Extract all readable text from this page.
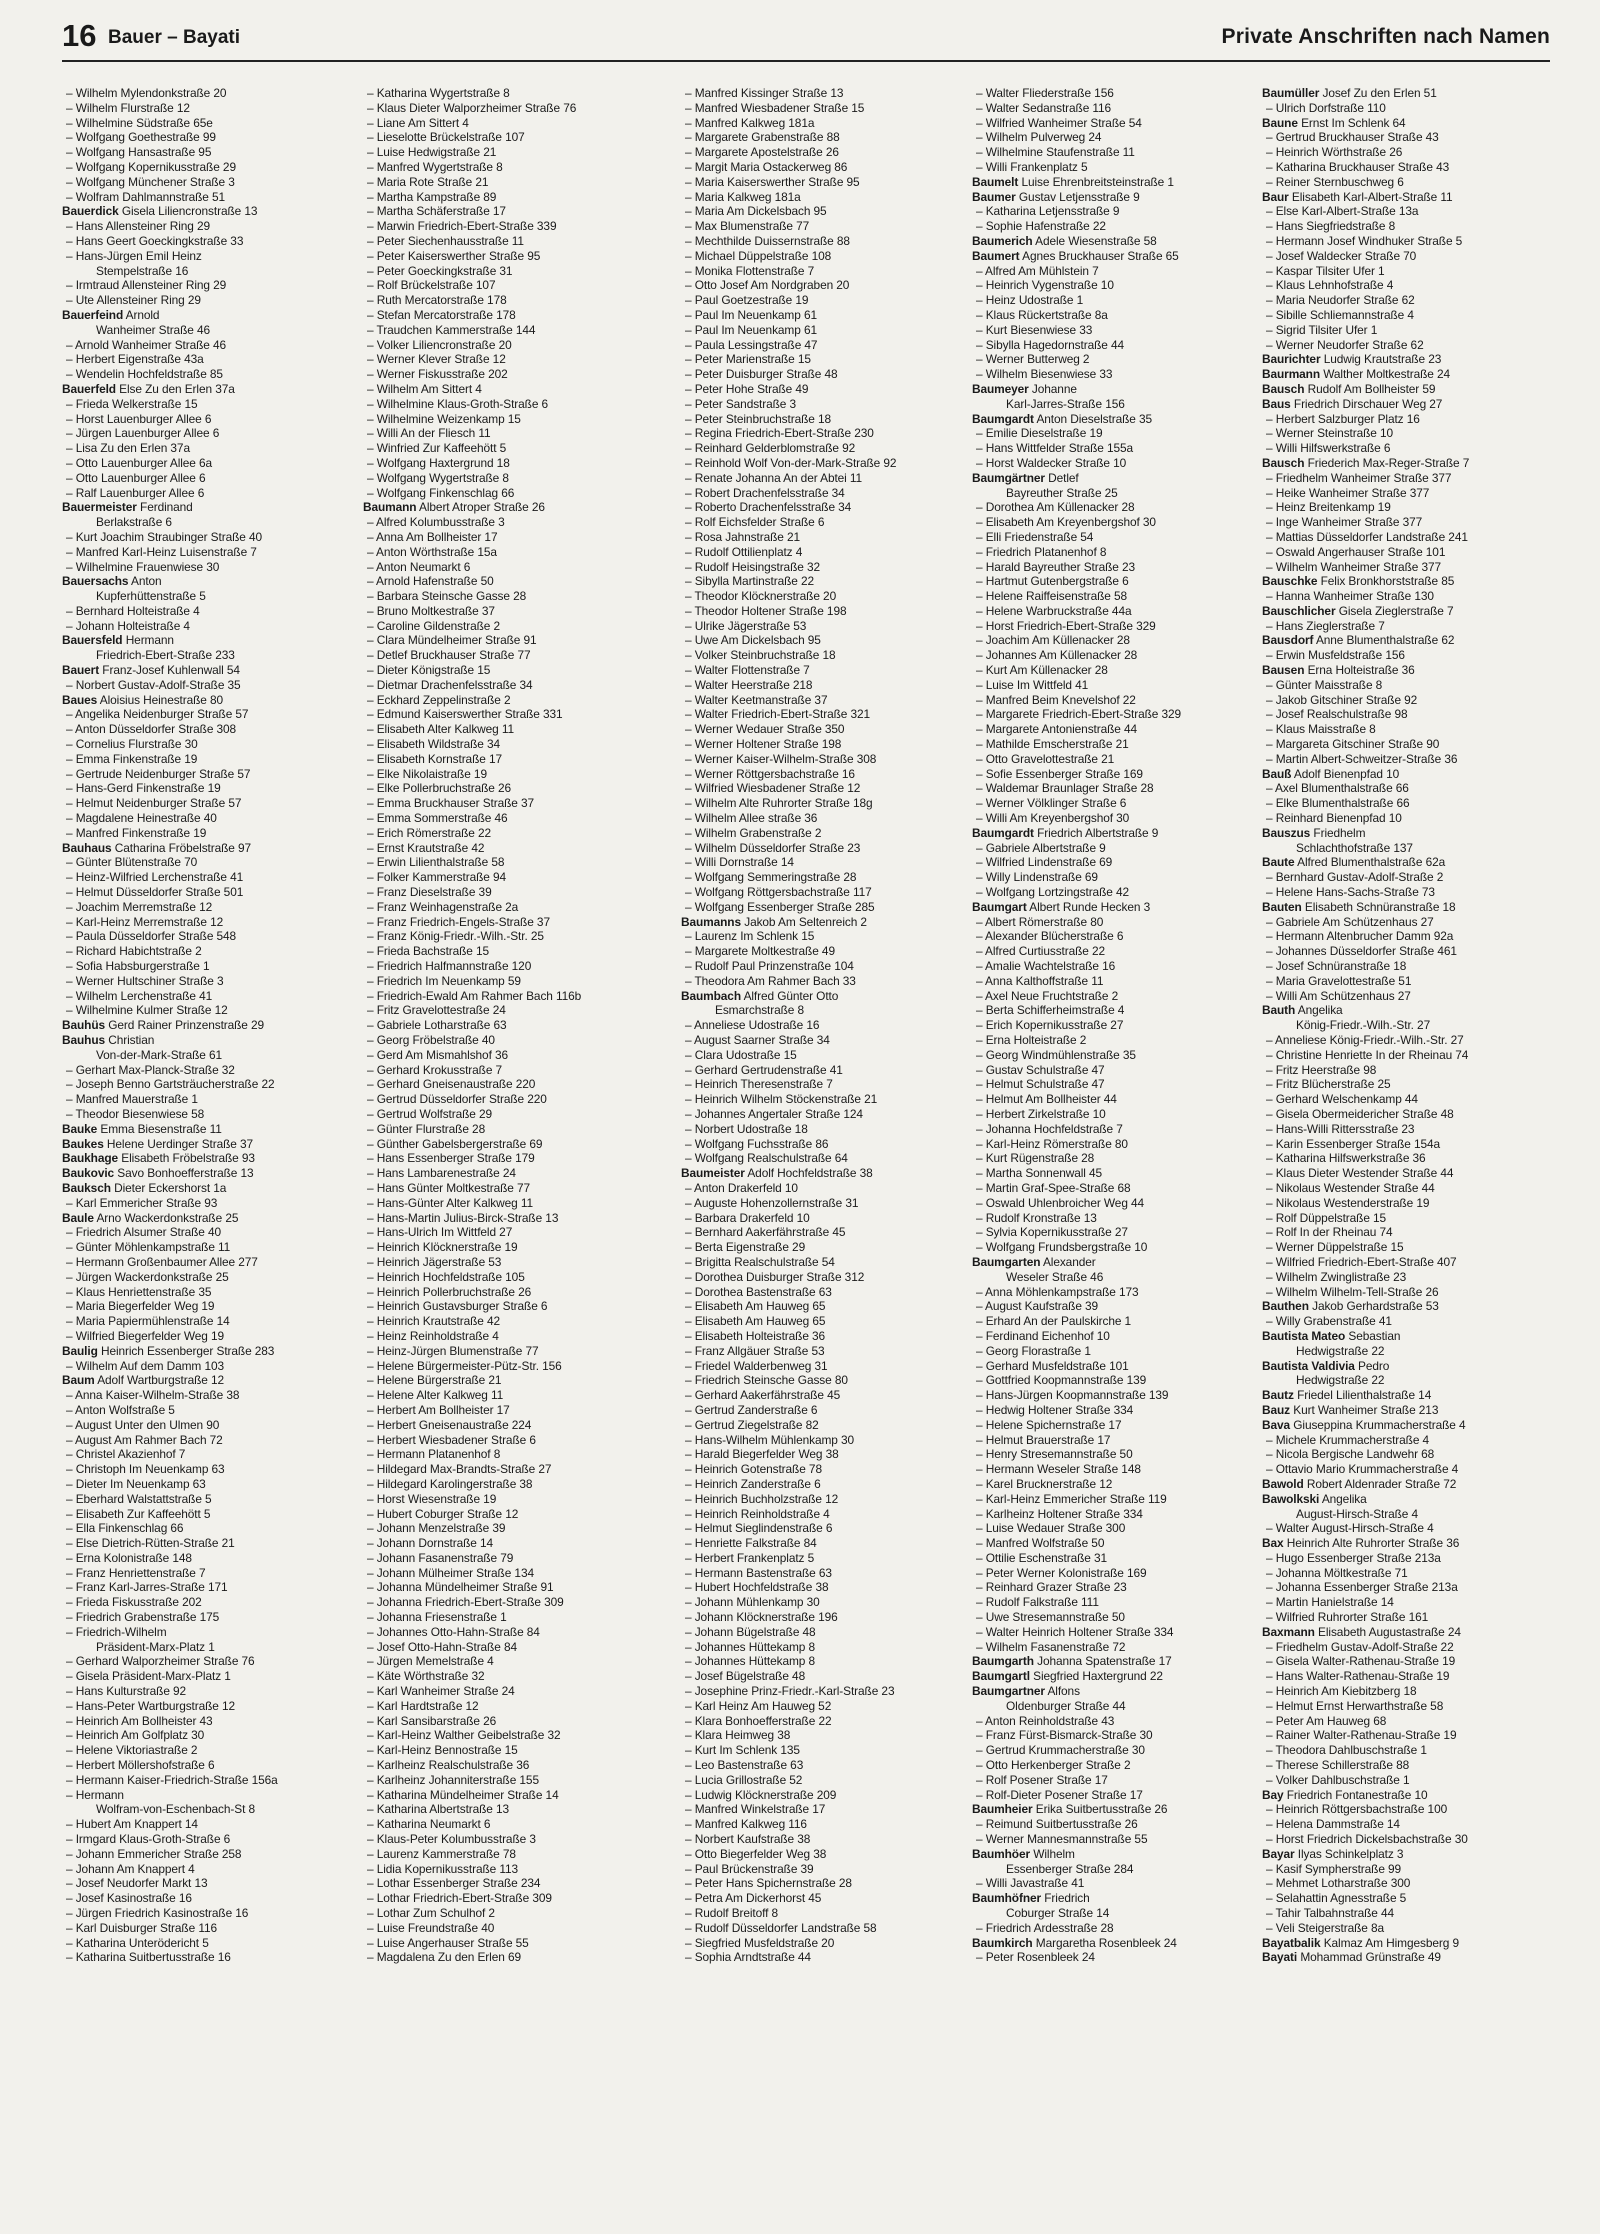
16 Bauer – Bayati	Private Anschriften nach Namen
– Wilhelm Mylendonkstraße 20
– Wilhelm Flurstraße 12
– Wilhelmine Südstraße 65e
– Wolfgang Goethestraße 99
– Wolfgang Hansastraße 95
– Wolfgang Kopernikusstraße 29
– Wolfgang Münchener Straße 3
– Wolfram Dahlmannstraße 51
Bauerdick Gisela Liliencronstraße 13
– Hans Allensteiner Ring 29
– Hans Geert Goeckingkstraße 33
– Hans-Jürgen Emil Heinz
Stempelstraße 16
– Irmtraud Allensteiner Ring 29
– Ute Allensteiner Ring 29
Bauerfeind Arnold
Wanheimer Straße 46
– Arnold Wanheimer Straße 46
– Herbert Eigenstraße 43a
– Wendelin Hochfeldstraße 85
Bauerfeld Else Zu den Erlen 37a
– Frieda Welkerstraße 15
– Horst Lauenburger Allee 6
– Jürgen Lauenburger Allee 6
– Lisa Zu den Erlen 37a
– Otto Lauenburger Allee 6a
– Otto Lauenburger Allee 6
– Ralf Lauenburger Allee 6
Bauermeister Ferdinand
Berlakstraße 6
– Kurt Joachim Straubinger Straße 40
– Manfred Karl-Heinz Luisenstraße 7
– Wilhelmine Frauenwiese 30
Bauersachs Anton
Kupferhüttenstraße 5
– Bernhard Holteistraße 4
– Johann Holteistraße 4
Bauersfeld Hermann
Friedrich-Ebert-Straße 233
Bauert Franz-Josef Kuhlenwall 54
– Norbert Gustav-Adolf-Straße 35
Baues Aloisius Heinestraße 80
– Angelika Neidenburger Straße 57
– Anton Düsseldorfer Straße 308
– Cornelius Flurstraße 30
– Emma Finkenstraße 19
– Gertrude Neidenburger Straße 57
– Hans-Gerd Finkenstraße 19
– Helmut Neidenburger Straße 57
– Magdalene Heinestraße 40
– Manfred Finkenstraße 19
Bauhaus Catharina Fröbelstraße 97
– Günter Blütenstraße 70
– Heinz-Wilfried Lerchenstraße 41
– Helmut Düsseldorfer Straße 501
– Joachim Merremstraße 12
– Karl-Heinz Merremstraße 12
– Paula Düsseldorfer Straße 548
– Richard Habichtstraße 2
– Sofia Habsburgerstraße 1
– Werner Hultschiner Straße 3
– Wilhelm Lerchenstraße 41
– Wilhelmine Kulmer Straße 12
Bauhüs Gerd Rainer Prinzenstraße 29
Bauhus Christian
Von-der-Mark-Straße 61
– Gerhart Max-Planck-Straße 32
– Joseph Benno Gartsträucherstraße 22
– Manfred Mauerstraße 1
– Theodor Biesenwiese 58
Bauke Emma Biesenstraße 11
Baukes Helene Uerdinger Straße 37
Baukhage Elisabeth Fröbelstraße 93
Baukovic Savo Bonhoefferstraße 13
Bauksch Dieter Eckershorst 1a
– Karl Emmericher Straße 93
Baule Arno Wackerdonkstraße 25
– Friedrich Alsumer Straße 40
– Günter Möhlenkampstraße 11
– Hermann Großenbaumer Allee 277
– Jürgen Wackerdonkstraße 25
– Klaus Henriettenstraße 35
– Maria Biegerfelder Weg 19
– Maria Papiermühlenstraße 14
– Wilfried Biegerfelder Weg 19
Baulig Heinrich Essenberger Straße 283
– Wilhelm Auf dem Damm 103
Baum Adolf Wartburgstraße 12
– Anna Kaiser-Wilhelm-Straße 38
– Anton Wolfstraße 5
– August Unter den Ulmen 90
– August Am Rahmer Bach 72
– Christel Akazienhof 7
– Christoph Im Neuenkamp 63
– Dieter Im Neuenkamp 63
– Eberhard Walstattstraße 5
– Elisabeth Zur Kaffeehött 5
– Ella Finkenschlag 66
– Else Dietrich-Rütten-Straße 21
– Erna Kolonistraße 148
– Franz Henriettenstraße 7
– Franz Karl-Jarres-Straße 171
– Frieda Fiskusstraße 202
– Friedrich Grabenstraße 175
– Friedrich-Wilhelm
Präsident-Marx-Platz 1
– Gerhard Walporzheimer Straße 76
– Gisela Präsident-Marx-Platz 1
– Hans Kulturstraße 92
– Hans-Peter Wartburgstraße 12
– Heinrich Am Bollheister 43
– Heinrich Am Golfplatz 30
– Helene Viktoriastraße 2
– Herbert Möllershofstraße 6
– Hermann Kaiser-Friedrich-Straße 156a
– Hermann
Wolfram-von-Eschenbach-St 8
– Hubert Am Knappert 14
– Irmgard Klaus-Groth-Straße 6
– Johann Emmericher Straße 258
– Johann Am Knappert 4
– Josef Neudorfer Markt 13
– Josef Kasinostraße 16
– Jürgen Friedrich Kasinostraße 16
– Karl Duisburger Straße 116
– Katharina Unterödericht 5
– Katharina Suitbertusstraße 16
– Katharina Wygertstraße 8
– Klaus Dieter Walporzheimer Straße 76
– Liane Am Sittert 4
– Lieselotte Brückelstraße 107
– Luise Hedwigstraße 21
– Manfred Wygertstraße 8
– Maria Rote Straße 21
– Martha Kampstraße 89
– Martha Schäferstraße 17
– Marwin Friedrich-Ebert-Straße 339
– Peter Siechenhausstraße 11
– Peter Kaiserswerther Straße 95
– Peter Goeckingkstraße 31
– Rolf Brückelstraße 107
– Ruth Mercatorstraße 178
– Stefan Mercatorstraße 178
– Traudchen Kammerstraße 144
– Volker Liliencronstraße 20
– Werner Klever Straße 12
– Werner Fiskusstraße 202
– Wilhelm Am Sittert 4
– Wilhelmine Klaus-Groth-Straße 6
– Wilhelmine Weizenkamp 15
– Willi An der Fliesch 11
– Winfried Zur Kaffeehött 5
– Wolfgang Haxtergrund 18
– Wolfgang Wygertstraße 8
– Wolfgang Finkenschlag 66
Baumann Albert Atroper Straße 26
– Alfred Kolumbusstraße 3
– Anna Am Bollheister 17
– Anton Wörthstraße 15a
– Anton Neumarkt 6
– Arnold Hafenstraße 50
– Barbara Steinsche Gasse 28
– Bruno Moltkestraße 37
– Caroline Gildenstraße 2
– Clara Mündelheimer Straße 91
– Detlef Bruckhauser Straße 77
– Dieter Königstraße 15
– Dietmar Drachenfelsstraße 34
– Eckhard Zeppelinstraße 2
– Edmund Kaiserswerther Straße 331
– Elisabeth Alter Kalkweg 11
– Elisabeth Wildstraße 34
– Elisabeth Kornstraße 17
– Elke Nikolaistraße 19
– Elke Pollerbruchstraße 26
– Emma Bruckhauser Straße 37
– Emma Sommerstraße 46
– Erich Römerstraße 22
– Ernst Krautstraße 42
– Erwin Lilienthalstraße 58
– Folker Kammerstraße 94
– Franz Dieselstraße 39
– Franz Weinhagenstraße 2a
– Franz Friedrich-Engels-Straße 37
– Franz König-Friedr.-Wilh.-Str. 25
– Frieda Bachstraße 15
– Friedrich Halfmannstraße 120
– Friedrich Im Neuenkamp 59
– Friedrich-Ewald Am Rahmer Bach 116b
– Fritz Gravelottestraße 24
– Gabriele Lotharstraße 63
– Georg Fröbelstraße 40
– Gerd Am Mismahlshof 36
– Gerhard Krokusstraße 7
– Gerhard Gneisenaustraße 220
– Gertrud Düsseldorfer Straße 220
– Gertrud Wolfstraße 29
– Günter Flurstraße 28
– Günther Gabelsbergerstraße 69
– Hans Essenberger Straße 179
– Hans Lambarenestraße 24
– Hans Günter Moltkestraße 77
– Hans-Günter Alter Kalkweg 11
– Hans-Martin Julius-Birck-Straße 13
– Hans-Ulrich Im Wittfeld 27
– Heinrich Klöcknerstraße 19
– Heinrich Jägerstraße 53
– Heinrich Hochfeldstraße 105
– Heinrich Pollerbruchstraße 26
– Heinrich Gustavsburger Straße 6
– Heinrich Krautstraße 42
– Heinz Reinholdstraße 4
– Heinz-Jürgen Blumenstraße 77
– Helene Bürgermeister-Pütz-Str. 156
– Helene Bürgerstraße 21
– Helene Alter Kalkweg 11
– Herbert Am Bollheister 17
– Herbert Gneisenaustraße 224
– Herbert Wiesbadener Straße 6
– Hermann Platanenhof 8
– Hildegard Max-Brandts-Straße 27
– Hildegard Karolingerstraße 38
– Horst Wiesenstraße 19
– Hubert Coburger Straße 12
– Johann Menzelstraße 39
– Johann Dornstraße 14
– Johann Fasanenstraße 79
– Johann Mülheimer Straße 134
– Johanna Mündelheimer Straße 91
– Johanna Friedrich-Ebert-Straße 309
– Johanna Friesenstraße 1
– Johannes Otto-Hahn-Straße 84
– Josef Otto-Hahn-Straße 84
– Jürgen Memelstraße 4
– Käte Wörthstraße 32
– Karl Wanheimer Straße 24
– Karl Hardtstraße 12
– Karl Sansibarstraße 26
– Karl-Heinz Walther Geibelstraße 32
– Karl-Heinz Bennostraße 15
– Karlheinz Realschulstraße 36
– Karlheinz Johanniterstraße 155
– Katharina Mündelheimer Straße 14
– Katharina Albertstraße 13
– Katharina Neumarkt 6
– Klaus-Peter Kolumbusstraße 3
– Laurenz Kammerstraße 78
– Lidia Kopernikusstraße 113
– Lothar Essenberger Straße 234
– Lothar Friedrich-Ebert-Straße 309
– Lothar Zum Schulhof 2
– Luise Freundstraße 40
– Luise Angerhauser Straße 55
– Magdalena Zu den Erlen 69
– Manfred Kissinger Straße 13
– Manfred Wiesbadener Straße 15
– Manfred Kalkweg 181a
– Margarete Grabenstraße 88
– Margarete Apostelstraße 26
– Margit Maria Ostackerweg 86
– Maria Kaiserswerther Straße 95
– Maria Kalkweg 181a
– Maria Am Dickelsbach 95
– Max Blumenstraße 77
– Mechthilde Duissernstraße 88
– Michael Düppelstraße 108
– Monika Flottenstraße 7
– Otto Josef Am Nordgraben 20
– Paul Goetzestraße 19
– Paul Im Neuenkamp 61
– Paul Im Neuenkamp 61
– Paula Lessingstraße 47
– Peter Marienstraße 15
– Peter Duisburger Straße 48
– Peter Hohe Straße 49
– Peter Sandstraße 3
– Peter Steinbruchstraße 18
– Regina Friedrich-Ebert-Straße 230
– Reinhard Gelderblomstraße 92
– Reinhold Wolf Von-der-Mark-Straße 92
– Renate Johanna An der Abtei 11
– Robert Drachenfelsstraße 34
– Roberto Drachenfelsstraße 34
– Rolf Eichsfelder Straße 6
– Rosa Jahnstraße 21
– Rudolf Ottilienplatz 4
– Rudolf Heisingstraße 32
– Sibylla Martinstraße 22
– Theodor Klöcknerstraße 20
– Theodor Holtener Straße 198
– Ulrike Jägerstraße 53
– Uwe Am Dickelsbach 95
– Volker Steinbruchstraße 18
– Walter Flottenstraße 7
– Walter Heerstraße 218
– Walter Keetmanstraße 37
– Walter Friedrich-Ebert-Straße 321
– Werner Wedauer Straße 350
– Werner Holtener Straße 198
– Werner Kaiser-Wilhelm-Straße 308
– Werner Röttgersbachstraße 16
– Wilfried Wiesbadener Straße 12
– Wilhelm Alte Ruhrorter Straße 18g
– Wilhelm Allee straße 36
– Wilhelm Grabenstraße 2
– Wilhelm Düsseldorfer Straße 23
– Willi Dornstraße 14
– Wolfgang Semmeringstraße 28
– Wolfgang Röttgersbachstraße 117
– Wolfgang Essenberger Straße 285
Baumanns Jakob Am Seltenreich 2
– Laurenz Im Schlenk 15
– Margarete Moltkestraße 49
– Rudolf Paul Prinzenstraße 104
– Theodora Am Rahmer Bach 33
Baumbach Alfred Günter Otto
Esmarchstraße 8
– Anneliese Udostraße 16
– August Saarner Straße 34
– Clara Udostraße 15
– Gerhard Gertrudenstraße 41
– Heinrich Theresenstraße 7
– Heinrich Wilhelm Stöckenstraße 21
– Johannes Angertaler Straße 124
– Norbert Udostraße 18
– Wolfgang Fuchsstraße 86
– Wolfgang Realschulstraße 64
Baumeister Adolf Hochfeldstraße 38
– Anton Drakerfeld 10
– Auguste Hohenzollernstraße 31
– Barbara Drakerfeld 10
– Bernhard Aakerfährstraße 45
– Berta Eigenstraße 29
– Brigitta Realschulstraße 54
– Dorothea Duisburger Straße 312
– Dorothea Bastenstraße 63
– Elisabeth Am Hauweg 65
– Elisabeth Am Hauweg 65
– Elisabeth Holteistraße 36
– Franz Allgäuer Straße 53
– Friedel Walderbenweg 31
– Friedrich Steinsche Gasse 80
– Gerhard Aakerfährstraße 45
– Gertrud Zanderstraße 6
– Gertrud Ziegelstraße 82
– Hans-Wilhelm Mühlenkamp 30
– Harald Biegerfelder Weg 38
– Heinrich Gotenstraße 78
– Heinrich Zanderstraße 6
– Heinrich Buchholzstraße 12
– Heinrich Reinholdstraße 4
– Helmut Sieglindenstraße 6
– Henriette Falkstraße 84
– Herbert Frankenplatz 5
– Hermann Bastenstraße 63
– Hubert Hochfeldstraße 38
– Johann Mühlenkamp 30
– Johann Klöcknerstraße 196
– Johann Bügelstraße 48
– Johannes Hüttekamp 8
– Johannes Hüttekamp 8
– Josef Bügelstraße 48
– Josephine Prinz-Friedr.-Karl-Straße 23
– Karl Heinz Am Hauweg 52
– Klara Bonhoefferstraße 22
– Klara Heimweg 38
– Kurt Im Schlenk 135
– Leo Bastenstraße 63
– Lucia Grillostraße 52
– Ludwig Klöcknerstraße 209
– Manfred Winkelstraße 17
– Manfred Kalkweg 116
– Norbert Kaufstraße 38
– Otto Biegerfelder Weg 38
– Paul Brückenstraße 39
– Peter Hans Spichernstraße 28
– Petra Am Dickerhorst 45
– Rudolf Breitoff 8
– Rudolf Düsseldorfer Landstraße 58
– Siegfried Musfeldstraße 20
– Sophia Arndtstraße 44
– Walter Fliederstraße 156
– Walter Sedanstraße 116
– Wilfried Wanheimer Straße 54
– Wilhelm Pulverweg 24
– Wilhelmine Staufenstraße 11
– Willi Frankenplatz 5
Baumelt Luise Ehrenbreitsteinstraße 1
Baumer Gustav Letjensstraße 9
– Katharina Letjensstraße 9
– Sophie Hafenstraße 22
Baumerich Adele Wiesenstraße 58
Baumert Agnes Bruckhauser Straße 65
– Alfred Am Mühlstein 7
– Heinrich Vygenstraße 10
– Heinz Udostraße 1
– Klaus Rückertstraße 8a
– Kurt Biesenwiese 33
– Sibylla Hagedornstraße 44
– Werner Butterweg 2
– Wilhelm Biesenwiese 33
Baumeyer Johanne
Karl-Jarres-Straße 156
Baumgardt Anton Dieselstraße 35
– Emilie Dieselstraße 19
– Hans Wittfelder Straße 155a
– Horst Waldecker Straße 10
Baumgärtner Detlef
Bayreuther Straße 25
– Dorothea Am Küllenacker 28
– Elisabeth Am Kreyenbergshof 30
– Elli Friedenstraße 54
– Friedrich Platanenhof 8
– Harald Bayreuther Straße 23
– Hartmut Gutenbergstraße 6
– Helene Raiffeisenstraße 58
– Helene Warbruckstraße 44a
– Horst Friedrich-Ebert-Straße 329
– Joachim Am Küllenacker 28
– Johannes Am Küllenacker 28
– Kurt Am Küllenacker 28
– Luise Im Wittfeld 41
– Manfred Beim Knevelshof 22
– Margarete Friedrich-Ebert-Straße 329
– Margarete Antonienstraße 44
– Mathilde Emscherstraße 21
– Otto Gravelottestraße 21
– Sofie Essenberger Straße 169
– Waldemar Braunlager Straße 28
– Werner Völklinger Straße 6
– Willi Am Kreyenbergshof 30
Baumgardt Friedrich Albertstraße 9
– Gabriele Albertstraße 9
– Wilfried Lindenstraße 69
– Willy Lindenstraße 69
– Wolfgang Lortzingstraße 42
Baumgart Albert Runde Hecken 3
– Albert Römerstraße 80
– Alexander Blücherstraße 6
– Alfred Curtiusstraße 22
– Amalie Wachtelstraße 16
– Anna Kalthoffstraße 11
– Axel Neue Fruchtstraße 2
– Berta Schifferheimstraße 4
– Erich Kopernikusstraße 27
– Erna Holteistraße 2
– Georg Windmühlenstraße 35
– Gustav Schulstraße 47
– Helmut Schulstraße 47
– Helmut Am Bollheister 44
– Herbert Zirkelstraße 10
– Johanna Hochfeldstraße 7
– Karl-Heinz Römerstraße 80
– Kurt Rügenstraße 28
– Martha Sonnenwall 45
– Martin Graf-Spee-Straße 68
– Oswald Uhlenbroicher Weg 44
– Rudolf Kronstraße 13
– Sylvia Kopernikusstraße 27
– Wolfgang Frundsbergstraße 10
Baumgarten Alexander
Weseler Straße 46
– Anna Möhlenkampstraße 173
– August Kaufstraße 39
– Erhard An der Paulskirche 1
– Ferdinand Eichenhof 10
– Georg Florastraße 1
– Gerhard Musfeldstraße 101
– Gottfried Koopmannstraße 139
– Hans-Jürgen Koopmannstraße 139
– Hedwig Holtener Straße 334
– Helene Spichernstraße 17
– Helmut Brauerstraße 17
– Henry Stresemannstraße 50
– Hermann Weseler Straße 148
– Karel Brucknerstraße 12
– Karl-Heinz Emmericher Straße 119
– Karlheinz Holtener Straße 334
– Luise Wedauer Straße 300
– Manfred Wolfstraße 50
– Ottilie Eschenstraße 31
– Peter Werner Kolonistraße 169
– Reinhard Grazer Straße 23
– Rudolf Falkstraße 111
– Uwe Stresemannstraße 50
– Walter Heinrich Holtener Straße 334
– Wilhelm Fasanenstraße 72
Baumgarth Johanna Spatenstraße 17
Baumgartl Siegfried Haxtergrund 22
Baumgartner Alfons
Oldenburger Straße 44
– Anton Reinholdstraße 43
– Franz Fürst-Bismarck-Straße 30
– Gertrud Krummacherstraße 30
– Otto Herkenberger Straße 2
– Rolf Posener Straße 17
– Rolf-Dieter Posener Straße 17
Baumheier Erika Suitbertusstraße 26
– Reimund Suitbertusstraße 26
– Werner Mannesmannstraße 55
Baumhöer Wilhelm
Essenberger Straße 284
– Willi Javastraße 41
Baumhöfner Friedrich
Coburger Straße 14
– Friedrich Ardesstraße 28
Baumkirch Margaretha Rosenbleek 24
– Peter Rosenbleek 24
Baumüller Josef Zu den Erlen 51
– Ulrich Dorfstraße 110
Baune Ernst Im Schlenk 64
– Gertrud Bruckhauser Straße 43
– Heinrich Wörthstraße 26
– Katharina Bruckhauser Straße 43
– Reiner Sternbuschweg 6
Baur Elisabeth Karl-Albert-Straße 11
– Else Karl-Albert-Straße 13a
– Hans Siegfriedstraße 8
– Hermann Josef Windhuker Straße 5
– Josef Waldecker Straße 70
– Kaspar Tilsiter Ufer 1
– Klaus Lehnhofstraße 4
– Maria Neudorfer Straße 62
– Sibille Schliemannstraße 4
– Sigrid Tilsiter Ufer 1
– Werner Neudorfer Straße 62
Baurichter Ludwig Krautstraße 23
Baurmann Walther Moltkestraße 24
Bausch Rudolf Am Bollheister 59
Baus Friedrich Dirschauer Weg 27
– Herbert Salzburger Platz 16
– Werner Steinstraße 10
– Willi Hilfswerkstraße 6
Bausch Friederich Max-Reger-Straße 7
– Friedhelm Wanheimer Straße 377
– Heike Wanheimer Straße 377
– Heinz Breitenkamp 19
– Inge Wanheimer Straße 377
– Mattias Düsseldorfer Landstraße 241
– Oswald Angerhauser Straße 101
– Wilhelm Wanheimer Straße 377
Bauschke Felix Bronkhorststraße 85
– Hanna Wanheimer Straße 130
Bauschlicher Gisela Zieglerstraße 7
– Hans Zieglerstraße 7
Bausdorf Anne Blumenthalstraße 62
– Erwin Musfeldstraße 156
Bausen Erna Holteistraße 36
– Günter Maisstraße 8
– Jakob Gitschiner Straße 92
– Josef Realschulstraße 98
– Klaus Maisstraße 8
– Margareta Gitschiner Straße 90
– Martin Albert-Schweitzer-Straße 36
Bauß Adolf Bienenpfad 10
– Axel Blumenthalstraße 66
– Elke Blumenthalstraße 66
– Reinhard Bienenpfad 10
Bauszus Friedhelm
Schlachthofstraße 137
Baute Alfred Blumenthalstraße 62a
– Bernhard Gustav-Adolf-Straße 2
– Helene Hans-Sachs-Straße 73
Bauten Elisabeth Schnüranstraße 18
– Gabriele Am Schützenhaus 27
– Hermann Altenbrucher Damm 92a
– Johannes Düsseldorfer Straße 461
– Josef Schnüranstraße 18
– Maria Gravelottestraße 51
– Willi Am Schützenhaus 27
Bauth Angelika
König-Friedr.-Wilh.-Str. 27
– Anneliese König-Friedr.-Wilh.-Str. 27
– Christine Henriette In der Rheinau 74
– Fritz Heerstraße 98
– Fritz Blücherstraße 25
– Gerhard Welschenkamp 44
– Gisela Obermeidericher Straße 48
– Hans-Willi Rittersstraße 23
– Karin Essenberger Straße 154a
– Katharina Hilfswerkstraße 36
– Klaus Dieter Westender Straße 44
– Nikolaus Westender Straße 44
– Nikolaus Westenderstraße 19
– Rolf Düppelstraße 15
– Rolf In der Rheinau 74
– Werner Düppelstraße 15
– Wilfried Friedrich-Ebert-Straße 407
– Wilhelm Zwinglistraße 23
– Wilhelm Wilhelm-Tell-Straße 26
Bauthen Jakob Gerhardstraße 53
– Willy Grabenstraße 41
Bautista Mateo Sebastian
Hedwigstraße 22
Bautista Valdivia Pedro
Hedwigstraße 22
Bautz Friedel Lilienthalstraße 14
Bauz Kurt Wanheimer Straße 213
Bava Giuseppina Krummacherstraße 4
– Michele Krummacherstraße 4
– Nicola Bergische Landwehr 68
– Ottavio Mario Krummacherstraße 4
Bawold Robert Aldenrader Straße 72
Bawolkski Angelika
August-Hirsch-Straße 4
– Walter August-Hirsch-Straße 4
Bax Heinrich Alte Ruhrorter Straße 36
– Hugo Essenberger Straße 213a
– Johanna Möltkestraße 71
– Johanna Essenberger Straße 213a
– Martin Hanielstraße 14
– Wilfried Ruhrorter Straße 161
Baxmann Elisabeth Augustastraße 24
– Friedhelm Gustav-Adolf-Straße 22
– Gisela Walter-Rathenau-Straße 19
– Hans Walter-Rathenau-Straße 19
– Heinrich Am Kiebitzberg 18
– Helmut Ernst Herwarthstraße 58
– Peter Am Hauweg 68
– Rainer Walter-Rathenau-Straße 19
– Theodora Dahlbuschstraße 1
– Therese Schillerstraße 88
– Volker Dahlbuschstraße 1
Bay Friedrich Fontanestraße 10
– Heinrich Röttgersbachstraße 100
– Helena Dammstraße 14
– Horst Friedrich Dickelsbachstraße 30
Bayar Ilyas Schinkelplatz 3
– Kasif Sympherstraße 99
– Mehmet Lotharstraße 300
– Selahattin Agnesstraße 5
– Tahir Talbahnstraße 44
– Veli Steigerstraße 8a
Bayatbalik Kalmaz Am Himgesberg 9
Bayati Mohammad Grünstraße 49
